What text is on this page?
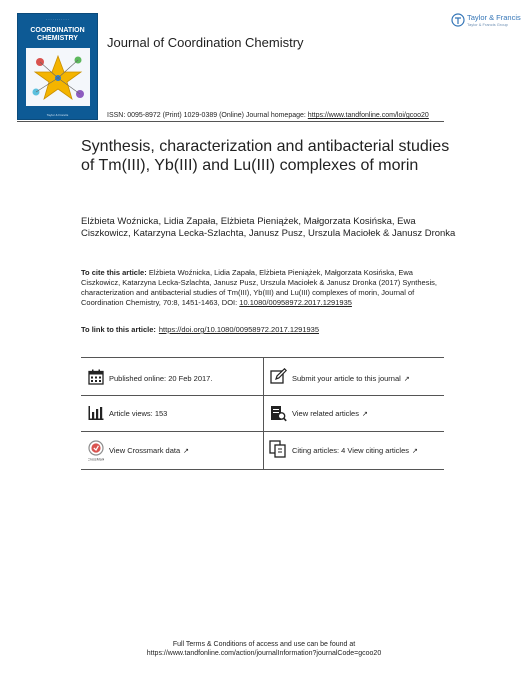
· · · · · · · · · · ·
COORDINATION CHEMISTRY
Taylor & Francis
Journal of Coordination Chemistry
Taylor & Francis
Taylor & Francis Group
ISSN: 0095-8972 (Print) 1029-0389 (Online) Journal homepage: https://www.tandfonline.com/loi/gcoo20
Synthesis, characterization and antibacterial studies of Tm(III), Yb(III) and Lu(III) complexes of morin
Elżbieta Woźnicka, Lidia Zapała, Elżbieta Pieniążek, Małgorzata Kosińska, Ewa Ciszkowicz, Katarzyna Lecka-Szlachta, Janusz Pusz, Urszula Maciołek & Janusz Dronka
To cite this article: Elżbieta Woźnicka, Lidia Zapała, Elżbieta Pieniążek, Małgorzata Kosińska, Ewa Ciszkowicz, Katarzyna Lecka-Szlachta, Janusz Pusz, Urszula Maciołek & Janusz Dronka (2017) Synthesis, characterization and antibacterial studies of Tm(III), Yb(III) and Lu(III) complexes of morin, Journal of Coordination Chemistry, 70:8, 1451-1463, DOI: 10.1080/00958972.2017.1291935
To link to this article: https://doi.org/10.1080/00958972.2017.1291935
Published online: 20 Feb 2017.	Submit your article to this journal ↗
Article views: 153	View related articles ↗
CrossMark
View Crossmark data ↗	Citing articles: 4 View citing articles ↗
Full Terms & Conditions of access and use can be found at
https://www.tandfonline.com/action/journalInformation?journalCode=gcoo20
